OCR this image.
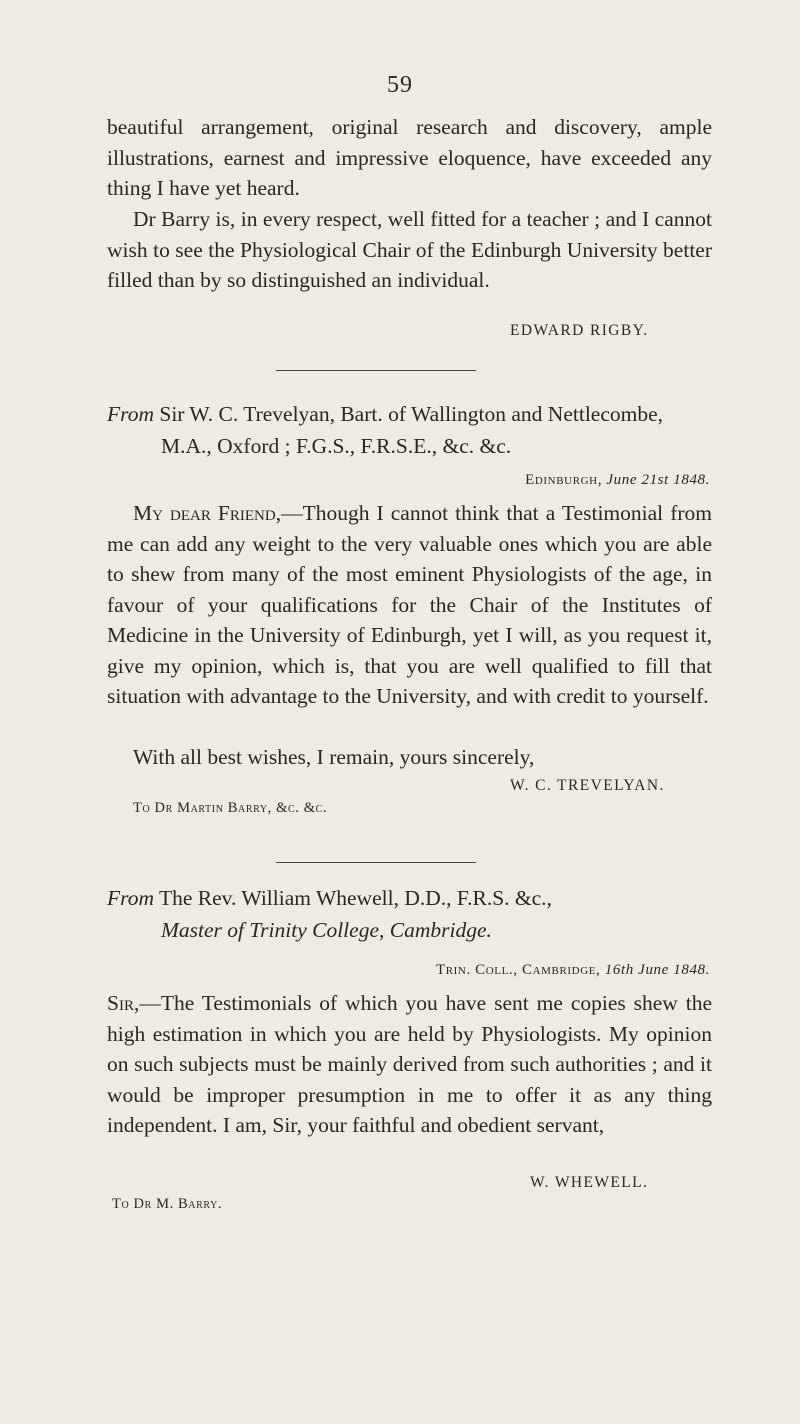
59

beautiful arrangement, original research and discovery, ample illustrations, earnest and impressive eloquence, have exceeded any thing I have yet heard.

Dr Barry is, in every respect, well fitted for a teacher ; and I cannot wish to see the Physiological Chair of the Edinburgh University better filled than by so distinguished an individual.

EDWARD RIGBY.
From Sir W. C. Trevelyan, Bart. of Wallington and Nettlecombe, M.A., Oxford ; F.G.S., F.R.S.E., &c. &c.
Edinburgh, June 21st 1848.

My dear Friend,—Though I cannot think that a Testimonial from me can add any weight to the very valuable ones which you are able to shew from many of the most eminent Physiologists of the age, in favour of your qualifications for the Chair of the Institutes of Medicine in the University of Edinburgh, yet I will, as you request it, give my opinion, which is, that you are well qualified to fill that situation with advantage to the University, and with credit to yourself.

With all best wishes, I remain, yours sincerely,

W. C. TREVELYAN.
To Dr Martin Barry, &c. &c.
From The Rev. William Whewell, D.D., F.R.S. &c.,
Master of Trinity College, Cambridge.
Trin. Coll., Cambridge, 16th June 1848.

Sir,—The Testimonials of which you have sent me copies shew the high estimation in which you are held by Physiologists. My opinion on such subjects must be mainly derived from such authorities ; and it would be improper presumption in me to offer it as any thing independent. I am, Sir, your faithful and obedient servant,

W. WHEWELL.
To Dr M. Barry.
